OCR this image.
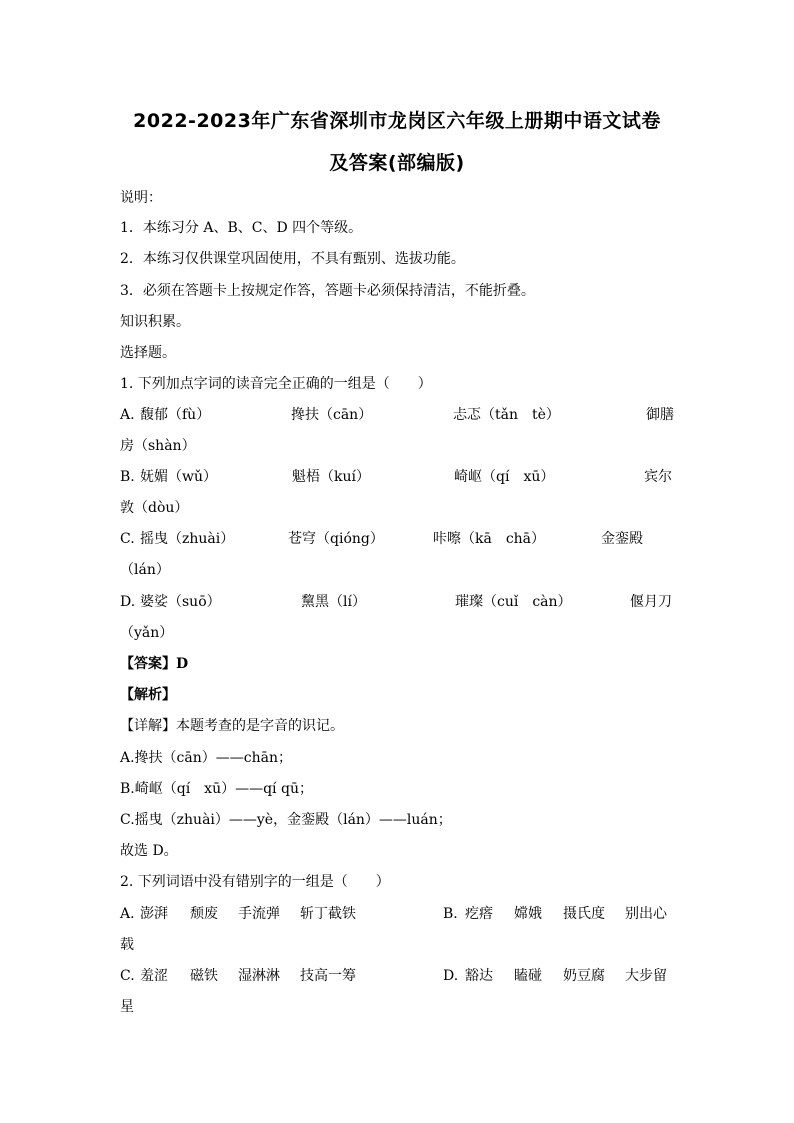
2022-2023年广东省深圳市龙岗区六年级上册期中语文试卷
及答案(部编版)
说明：
1．本练习分 A、B、C、D 四个等级。
2．本练习仅供课堂巩固使用，不具有甄别、选拔功能。
3．必须在答题卡上按规定作答，答题卡必须保持清洁，不能折叠。
知识积累。
选择题。
1. 下列加点字词的读音完全正确的一组是（　　）
A. 馥郁（fù）	搀扶（cān）	忐忑（tǎn　tè）	御膳
房（shàn）
B. 妩媚（wǔ）	魁梧（kuí）	崎岖（qí　xū）	宾尔
敦（dòu）
C. 摇曳（zhuài）	苍穹（qióng）	咔嚓（kā　chā）	金銮殿
（lán）
D. 婆娑（suō）	黧黑（lí）	璀璨（cuǐ　càn）	偃月刀
（yǎn）
【答案】D
【解析】
【详解】本题考查的是字音的识记。
A.搀扶（cān）——chān；
B.崎岖（qí　xū）——qí qū；
C.摇曳（zhuài）——yè，金銮殿（lán）——luán；
故选 D。
2. 下列词语中没有错别字的一组是（　　）
A. 澎湃 颓废 手流弹 斩丁截铁	B. 疙瘩 嫦娥 摄氏度 别出心
载
C. 羞涩 磁铁 湿淋淋 技高一筹	D. 豁达 瞌碰 奶豆腐 大步留
星
